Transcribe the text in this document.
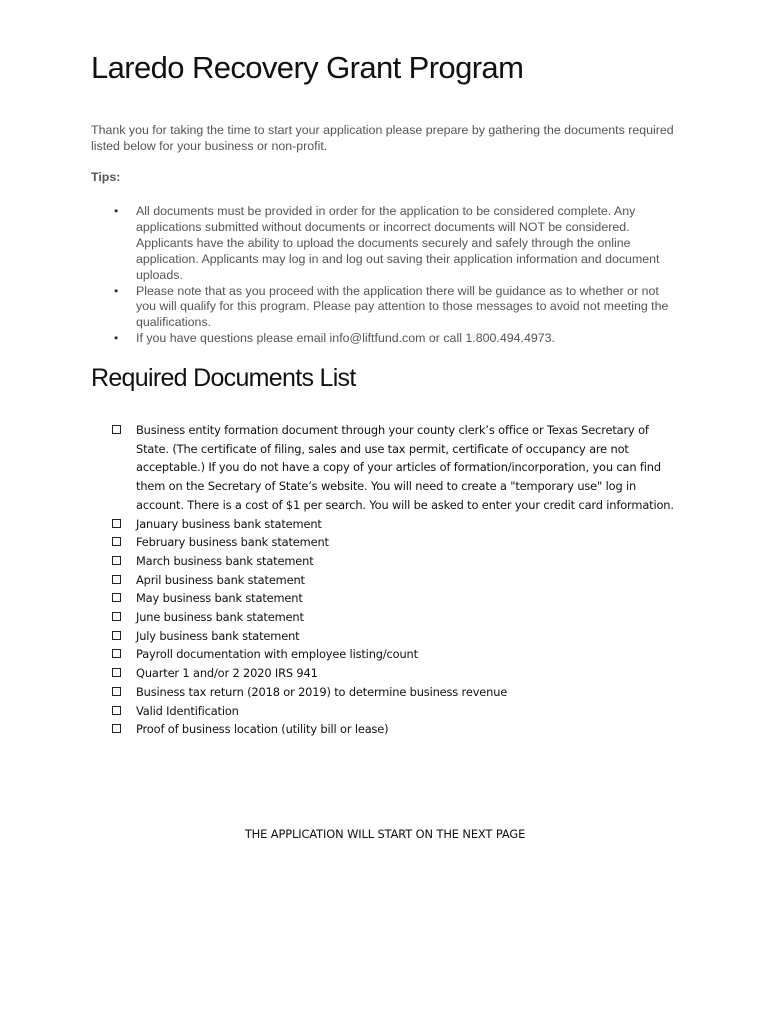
Laredo Recovery Grant Program

Thank you for taking the time to start your application please prepare by gathering the documents required listed below for your business or non-profit.

Tips:

• All documents must be provided in order for the application to be considered complete. Any applications submitted without documents or incorrect documents will NOT be considered. Applicants have the ability to upload the documents securely and safely through the online application. Applicants may log in and log out saving their application information and document uploads.
• Please note that as you proceed with the application there will be guidance as to whether or not you will qualify for this program. Please pay attention to those messages to avoid not meeting the qualifications.
• If you have questions please email info@liftfund.com or call 1.800.494.4973.
Required Documents List
Business entity formation document through your county clerk’s office or Texas Secretary of State. (The certificate of filing, sales and use tax permit, certificate of occupancy are not acceptable.) If you do not have a copy of your articles of formation/incorporation, you can find them on the Secretary of State’s website. You will need to create a "temporary use" log in account. There is a cost of $1 per search. You will be asked to enter your credit card information.
January business bank statement
February business bank statement
March business bank statement
April business bank statement
May business bank statement
June business bank statement
July business bank statement
Payroll documentation with employee listing/count
Quarter 1 and/or 2 2020 IRS 941
Business tax return (2018 or 2019) to determine business revenue
Valid Identification
Proof of business location (utility bill or lease)

THE APPLICATION WILL START ON THE NEXT PAGE
